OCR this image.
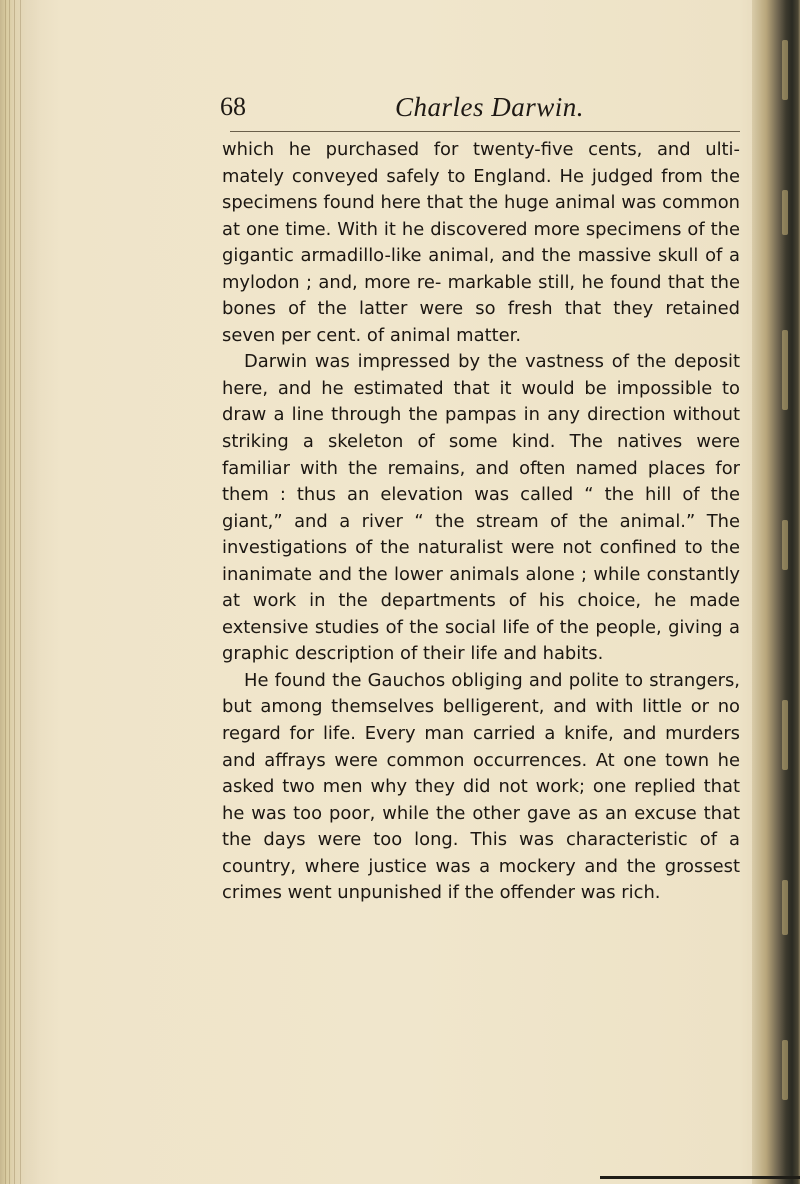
68	Charles Darwin.

which he purchased for twenty-five cents, and ulti- mately conveyed safely to England. He judged from the specimens found here that the huge animal was common at one time. With it he discovered more specimens of the gigantic armadillo-like animal, and the massive skull of a mylodon ; and, more re- markable still, he found that the bones of the latter were so fresh that they retained seven per cent. of animal matter.

Darwin was impressed by the vastness of the deposit here, and he estimated that it would be impossible to draw a line through the pampas in any direction without striking a skeleton of some kind. The natives were familiar with the remains, and often named places for them : thus an elevation was called “ the hill of the giant,” and a river “ the stream of the animal.” The investigations of the naturalist were not confined to the inanimate and the lower animals alone ; while constantly at work in the departments of his choice, he made extensive studies of the social life of the people, giving a graphic description of their life and habits.

He found the Gauchos obliging and polite to strangers, but among themselves belligerent, and with little or no regard for life. Every man carried a knife, and murders and affrays were common occurrences. At one town he asked two men why they did not work; one replied that he was too poor, while the other gave as an excuse that the days were too long. This was characteristic of a country, where justice was a mockery and the grossest crimes went unpunished if the offender was rich.
